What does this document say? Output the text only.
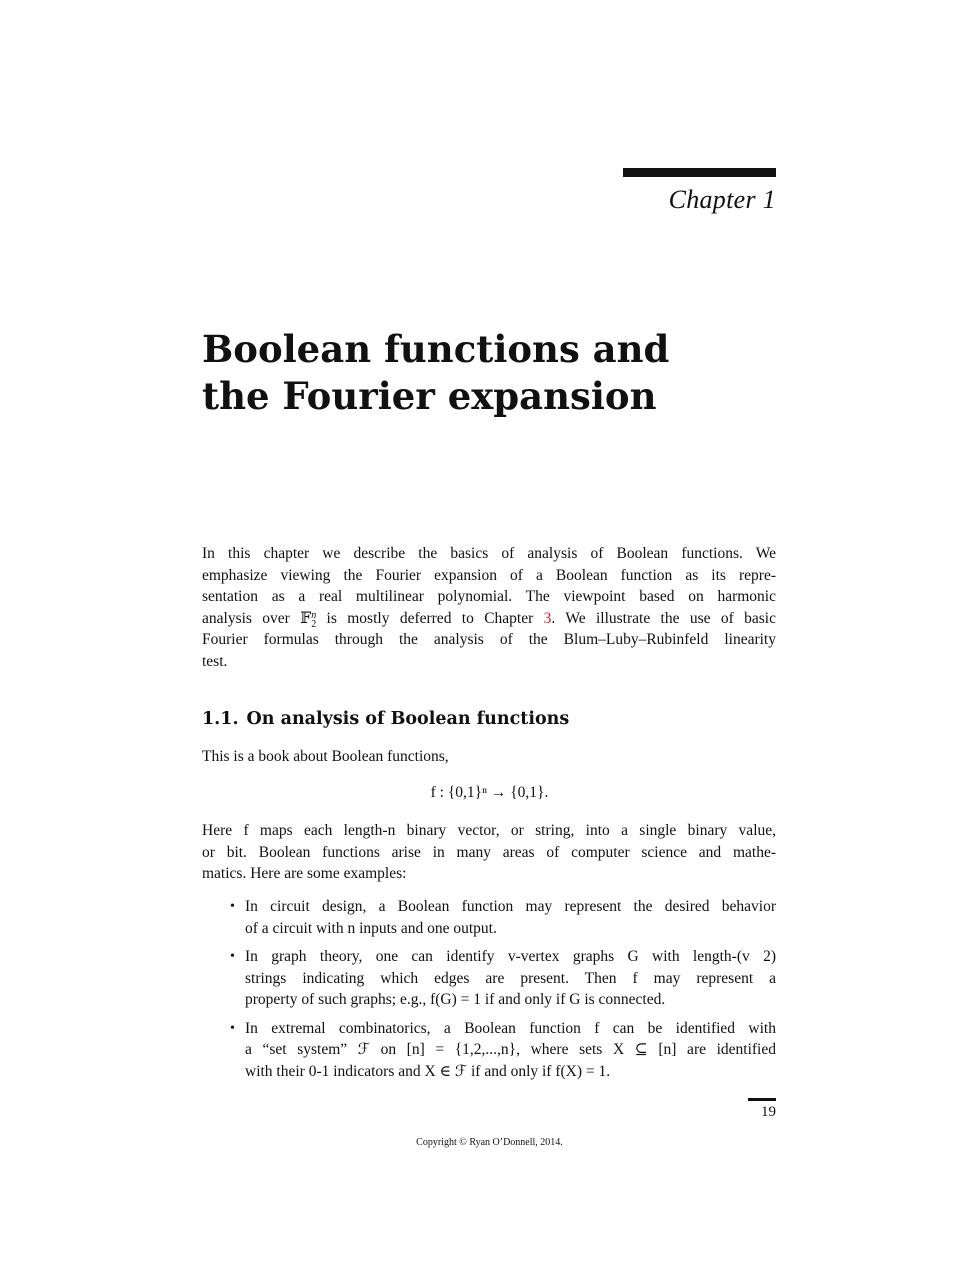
Chapter 1
Boolean functions and
the Fourier expansion
In this chapter we describe the basics of analysis of Boolean functions. We
emphasize viewing the Fourier expansion of a Boolean function as its repre-
sentation as a real multilinear polynomial. The viewpoint based on harmonic
analysis over 𝔽 n
2 is mostly deferred to Chapter 3. We illustrate the use of basic
Fourier formulas through the analysis of the Blum–Luby–Rubinfeld linearity
test.
1.1. On analysis of Boolean functions
This is a book about Boolean functions,
f : {0,1}ⁿ → {0,1}.
Here f maps each length-n binary vector, or string, into a single binary value,
or bit. Boolean functions arise in many areas of computer science and mathe-
matics. Here are some examples:
• In circuit design, a Boolean function may represent the desired behavior
of a circuit with n inputs and one output.
• In graph theory, one can identify v-vertex graphs G with length-(v 2)
strings indicating which edges are present. Then f may represent a
property of such graphs; e.g., f(G) = 1 if and only if G is connected.
• In extremal combinatorics, a Boolean function f can be identified with
a “set system” ℱ on [n] = {1,2,...,n}, where sets X ⊆ [n] are identified
with their 0-1 indicators and X ∈ ℱ if and only if f(X) = 1.
19
Copyright © Ryan O’Donnell, 2014.
